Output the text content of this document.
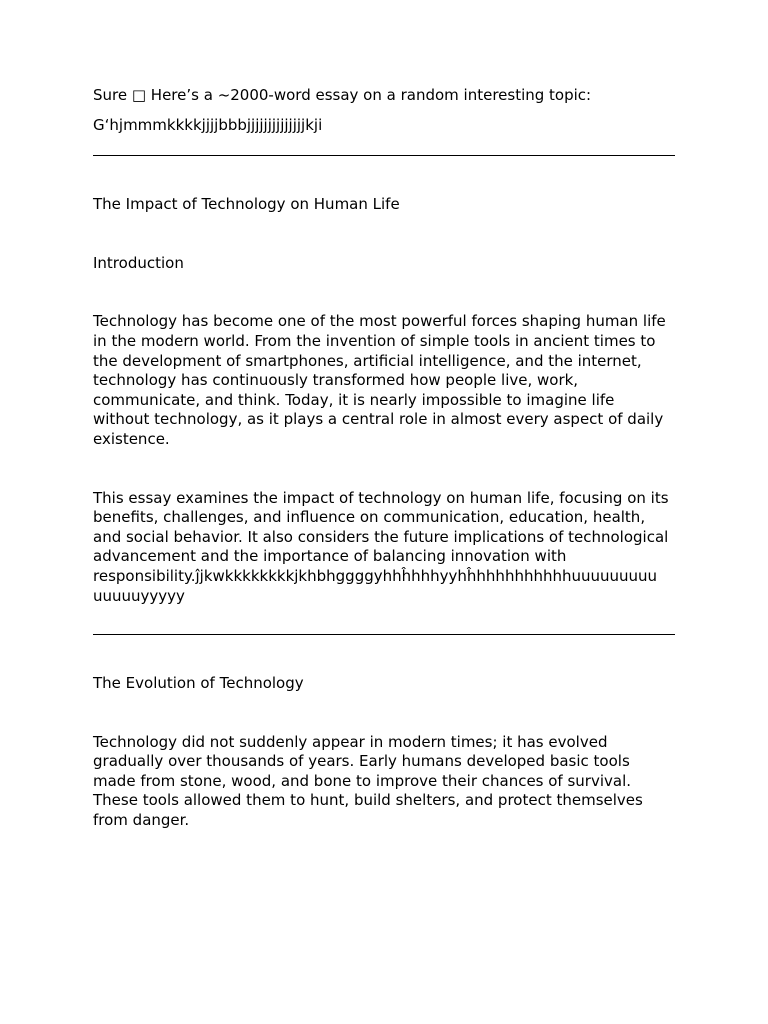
Sure □ Here’s a ~2000-word essay on a random interesting topic:

G‘hjmmmkkkkjjjjbbbjjjjjjjjjjjjjjkji

The Impact of Technology on Human Life

Introduction

Technology has become one of the most powerful forces shaping human life in the modern world. From the invention of simple tools in ancient times to the development of smartphones, artificial intelligence, and the internet, technology has continuously transformed how people live, work, communicate, and think. Today, it is nearly impossible to imagine life without technology, as it plays a central role in almost every aspect of daily existence.

This essay examines the impact of technology on human life, focusing on its benefits, challenges, and influence on communication, education, health, and social behavior. It also considers the future implications of technological advancement and the importance of balancing innovation with

responsibility.ĵjkwkkkkkkkkjkhbhggggyhhĥhhhyyhĥhhhhhhhhhhuuuuuuuuu

uuuuuyyyyy

The Evolution of Technology

Technology did not suddenly appear in modern times; it has evolved gradually over thousands of years. Early humans developed basic tools made from stone, wood, and bone to improve their chances of survival. These tools allowed them to hunt, build shelters, and protect themselves from danger.
